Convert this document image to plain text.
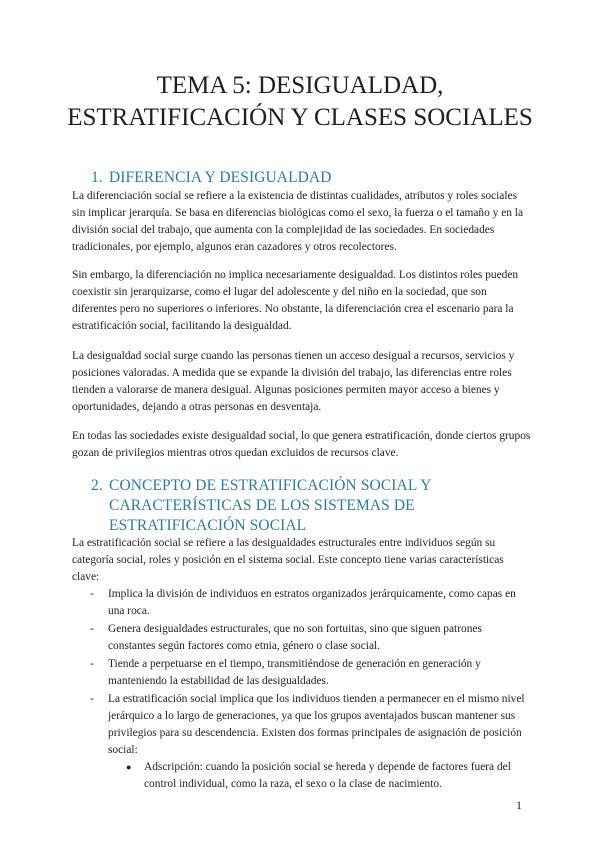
TEMA 5: DESIGUALDAD,
ESTRATIFICACIÓN Y CLASES SOCIALES
1. DIFERENCIA Y DESIGUALDAD

La diferenciación social se refiere a la existencia de distintas cualidades, atributos y roles sociales sin implicar jerarquía. Se basa en diferencias biológicas como el sexo, la fuerza o el tamaño y en la división social del trabajo, que aumenta con la complejidad de las sociedades. En sociedades tradicionales, por ejemplo, algunos eran cazadores y otros recolectores.

Sin embargo, la diferenciación no implica necesariamente desigualdad. Los distintos roles pueden coexistir sin jerarquizarse, como el lugar del adolescente y del niño en la sociedad, que son diferentes pero no superiores o inferiores. No obstante, la diferenciación crea el escenario para la estratificación social, facilitando la desigualdad.

La desigualdad social surge cuando las personas tienen un acceso desigual a recursos, servicios y posiciones valoradas. A medida que se expande la división del trabajo, las diferencias entre roles tienden a valorarse de manera desigual. Algunas posiciones permiten mayor acceso a bienes y oportunidades, dejando a otras personas en desventaja.

En todas las sociedades existe desigualdad social, lo que genera estratificación, donde ciertos grupos gozan de privilegios mientras otros quedan excluidos de recursos clave.

2. CONCEPTO DE ESTRATIFICACIÓN SOCIAL Y
CARACTERÍSTICAS DE LOS SISTEMAS DE
ESTRATIFICACIÓN SOCIAL

La estratificación social se refiere a las desigualdades estructurales entre individuos según su categoría social, roles y posición en el sistema social. Este concepto tiene varias características clave:

- Implica la división de individuos en estratos organizados jerárquicamente, como capas en una roca.
- Genera desigualdades estructurales, que no son fortuitas, sino que siguen patrones constantes según factores como etnia, género o clase social.
- Tiende a perpetuarse en el tiempo, transmitiéndose de generación en generación y manteniendo la estabilidad de las desigualdades.
- La estratificación social implica que los individuos tienden a permanecer en el mismo nivel jerárquico a lo largo de generaciones, ya que los grupos aventajados buscan mantener sus privilegios para su descendencia. Existen dos formas principales de asignación de posición social:
● Adscripción: cuando la posición social se hereda y depende de factores fuera del control individual, como la raza, el sexo o la clase de nacimiento.
1
